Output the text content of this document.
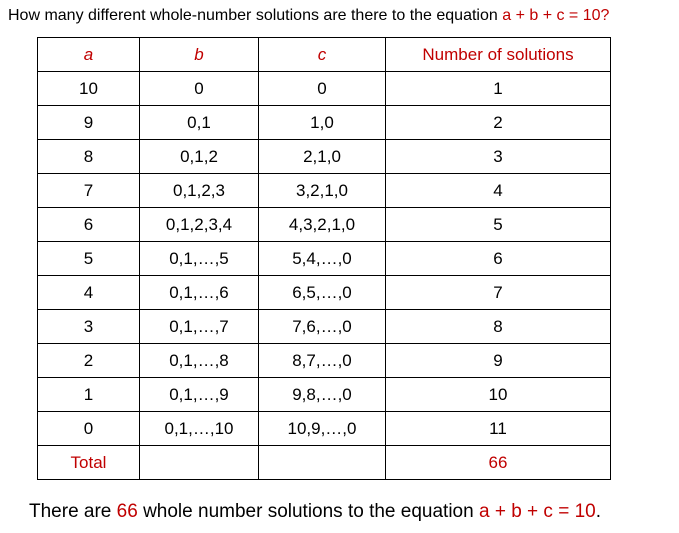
How many different whole-number solutions are there to the equation a + b + c = 10?
a	b	c	Number of solutions
10	0	0	1
9	0,1	1,0	2
8	0,1,2	2,1,0	3
7	0,1,2,3	3,2,1,0	4
6	0,1,2,3,4	4,3,2,1,0	5
5	0,1,…,5	5,4,…,0	6
4	0,1,…,6	6,5,…,0	7
3	0,1,…,7	7,6,…,0	8
2	0,1,…,8	8,7,…,0	9
1	0,1,…,9	9,8,…,0	10
0	0,1,…,10	10,9,…,0	11
Total			66
There are 66 whole number solutions to the equation a + b + c = 10.
